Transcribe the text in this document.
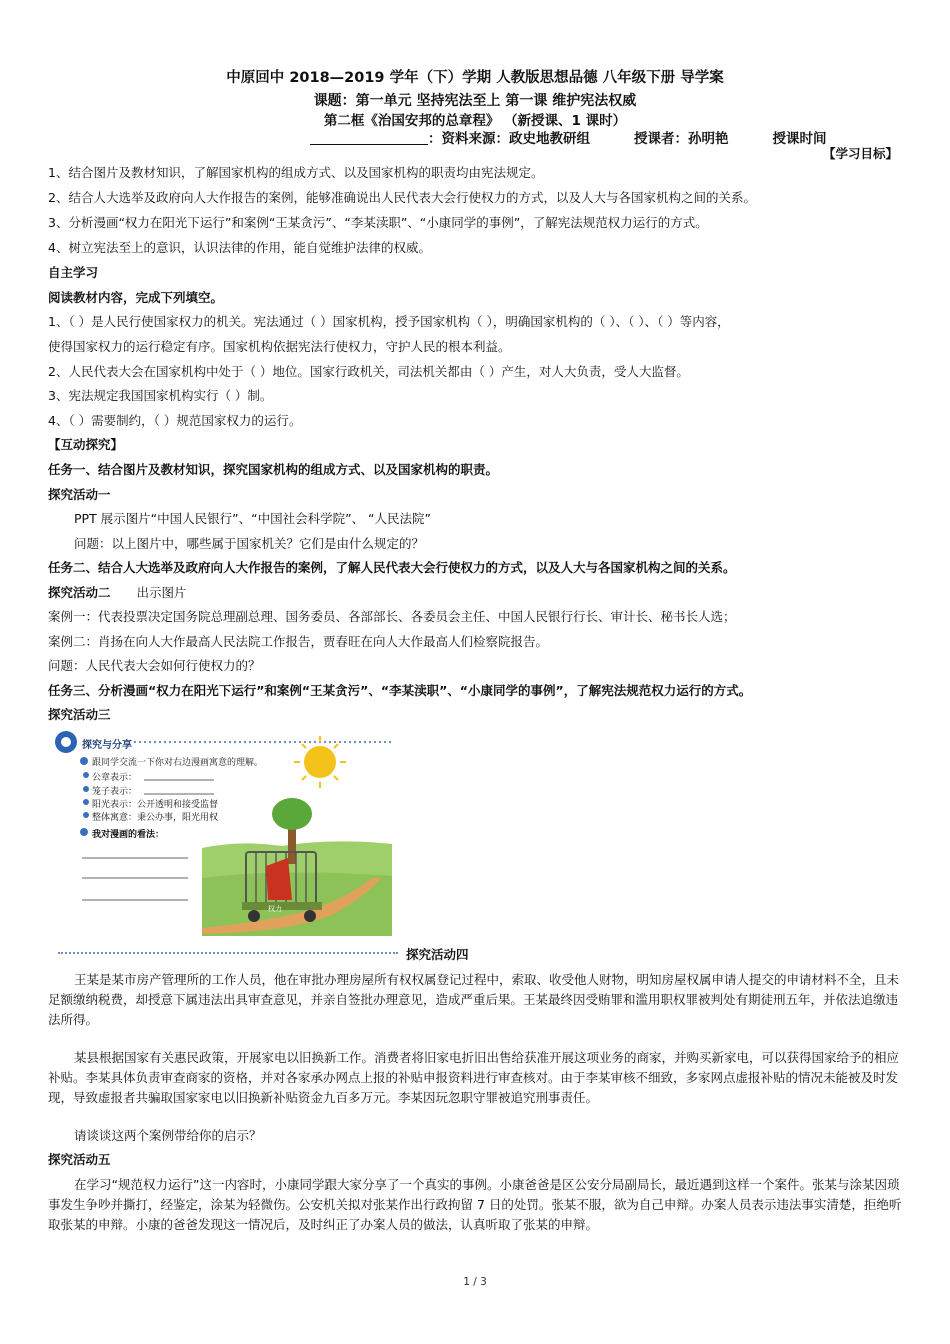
中原回中 2018—2019 学年（下）学期 人教版思想品德 八年级下册 导学案
课题：第一单元 坚持宪法至上 第一课 维护宪法权威
第二框《治国安邦的总章程》 （新授课、1 课时）
：资料来源：政史地教研组	授课者：孙明艳	授课时间
【学习目标】
1、结合图片及教材知识，了解国家机构的组成方式、以及国家机构的职责均由宪法规定。
2、结合人大选举及政府向人大作报告的案例，能够准确说出人民代表大会行使权力的方式，以及人大与各国家机构之间的关系。
3、分析漫画“权力在阳光下运行”和案例“王某贪污”、“李某渎职”、“小康同学的事例”，了解宪法规范权力运行的方式。
4、树立宪法至上的意识，认识法律的作用，能自觉维护法律的权威。
自主学习
阅读教材内容，完成下列填空。
1、（ ）是人民行使国家权力的机关。宪法通过（ ）国家机构，授予国家机构（ ），明确国家机构的（ ）、（ ）、（ ）等内容，
使得国家权力的运行稳定有序。国家机构依据宪法行使权力，守护人民的根本利益。
2、人民代表大会在国家机构中处于（ ）地位。国家行政机关，司法机关都由（ ）产生，对人大负责，受人大监督。
3、宪法规定我国国家机构实行（ ）制。
4、（ ）需要制约，（ ）规范国家权力的运行。
【互动探究】
任务一、结合图片及教材知识，探究国家机构的组成方式、以及国家机构的职责。
探究活动一
PPT 展示图片“中国人民银行”、“中国社会科学院”、 “人民法院”
问题：以上图片中，哪些属于国家机关？它们是由什么规定的？
任务二、结合人大选举及政府向人大作报告的案例，了解人民代表大会行使权力的方式，以及人大与各国家机构之间的关系。
探究活动二 出示图片
案例一：代表投票决定国务院总理副总理、国务委员、各部部长、各委员会主任、中国人民银行行长、审计长、秘书长人选；
案例二：肖扬在向人大作最高人民法院工作报告，贾春旺在向人大作最高人们检察院报告。
问题：人民代表大会如何行使权力的？
任务三、分析漫画“权力在阳光下运行”和案例“王某贪污”、“李某渎职”、“小康同学的事例”，了解宪法规范权力运行的方式。
探究活动三
探究与分享
跟同学交流一下你对右边漫画寓意的理解。
公章表示：
笼子表示：
阳光表示：公开透明和接受监督
整体寓意：秉公办事，阳光用权
我对漫画的看法：
权力
探究活动四
王某是某市房产管理所的工作人员，他在审批办理房屋所有权权属登记过程中，索取、收受他人财物，明知房屋权属申请人提交的申请材料不全，且未足额缴纳税费，却授意下属违法出具审查意见，并亲自签批办理意见，造成严重后果。王某最终因受贿罪和滥用职权罪被判处有期徒刑五年，并依法追缴违法所得。
某县根据国家有关惠民政策，开展家电以旧换新工作。消费者将旧家电折旧出售给获准开展这项业务的商家，并购买新家电，可以获得国家给予的相应补贴。李某具体负责审查商家的资格，并对各家承办网点上报的补贴申报资料进行审查核对。由于李某审核不细致，多家网点虚报补贴的情况未能被及时发现，导致虚报者共骗取国家家电以旧换新补贴资金九百多万元。李某因玩忽职守罪被追究刑事责任。
请谈谈这两个案例带给你的启示？
探究活动五
在学习“规范权力运行”这一内容时，小康同学跟大家分享了一个真实的事例。小康爸爸是区公安分局副局长，最近遇到这样一个案件。张某与涂某因琐事发生争吵并撕打，经鉴定，涂某为轻微伤。公安机关拟对张某作出行政拘留 7 日的处罚。张某不服，欲为自己申辩。办案人员表示违法事实清楚，拒绝听取张某的申辩。小康的爸爸发现这一情况后，及时纠正了办案人员的做法，认真听取了张某的申辩。
1 / 3
